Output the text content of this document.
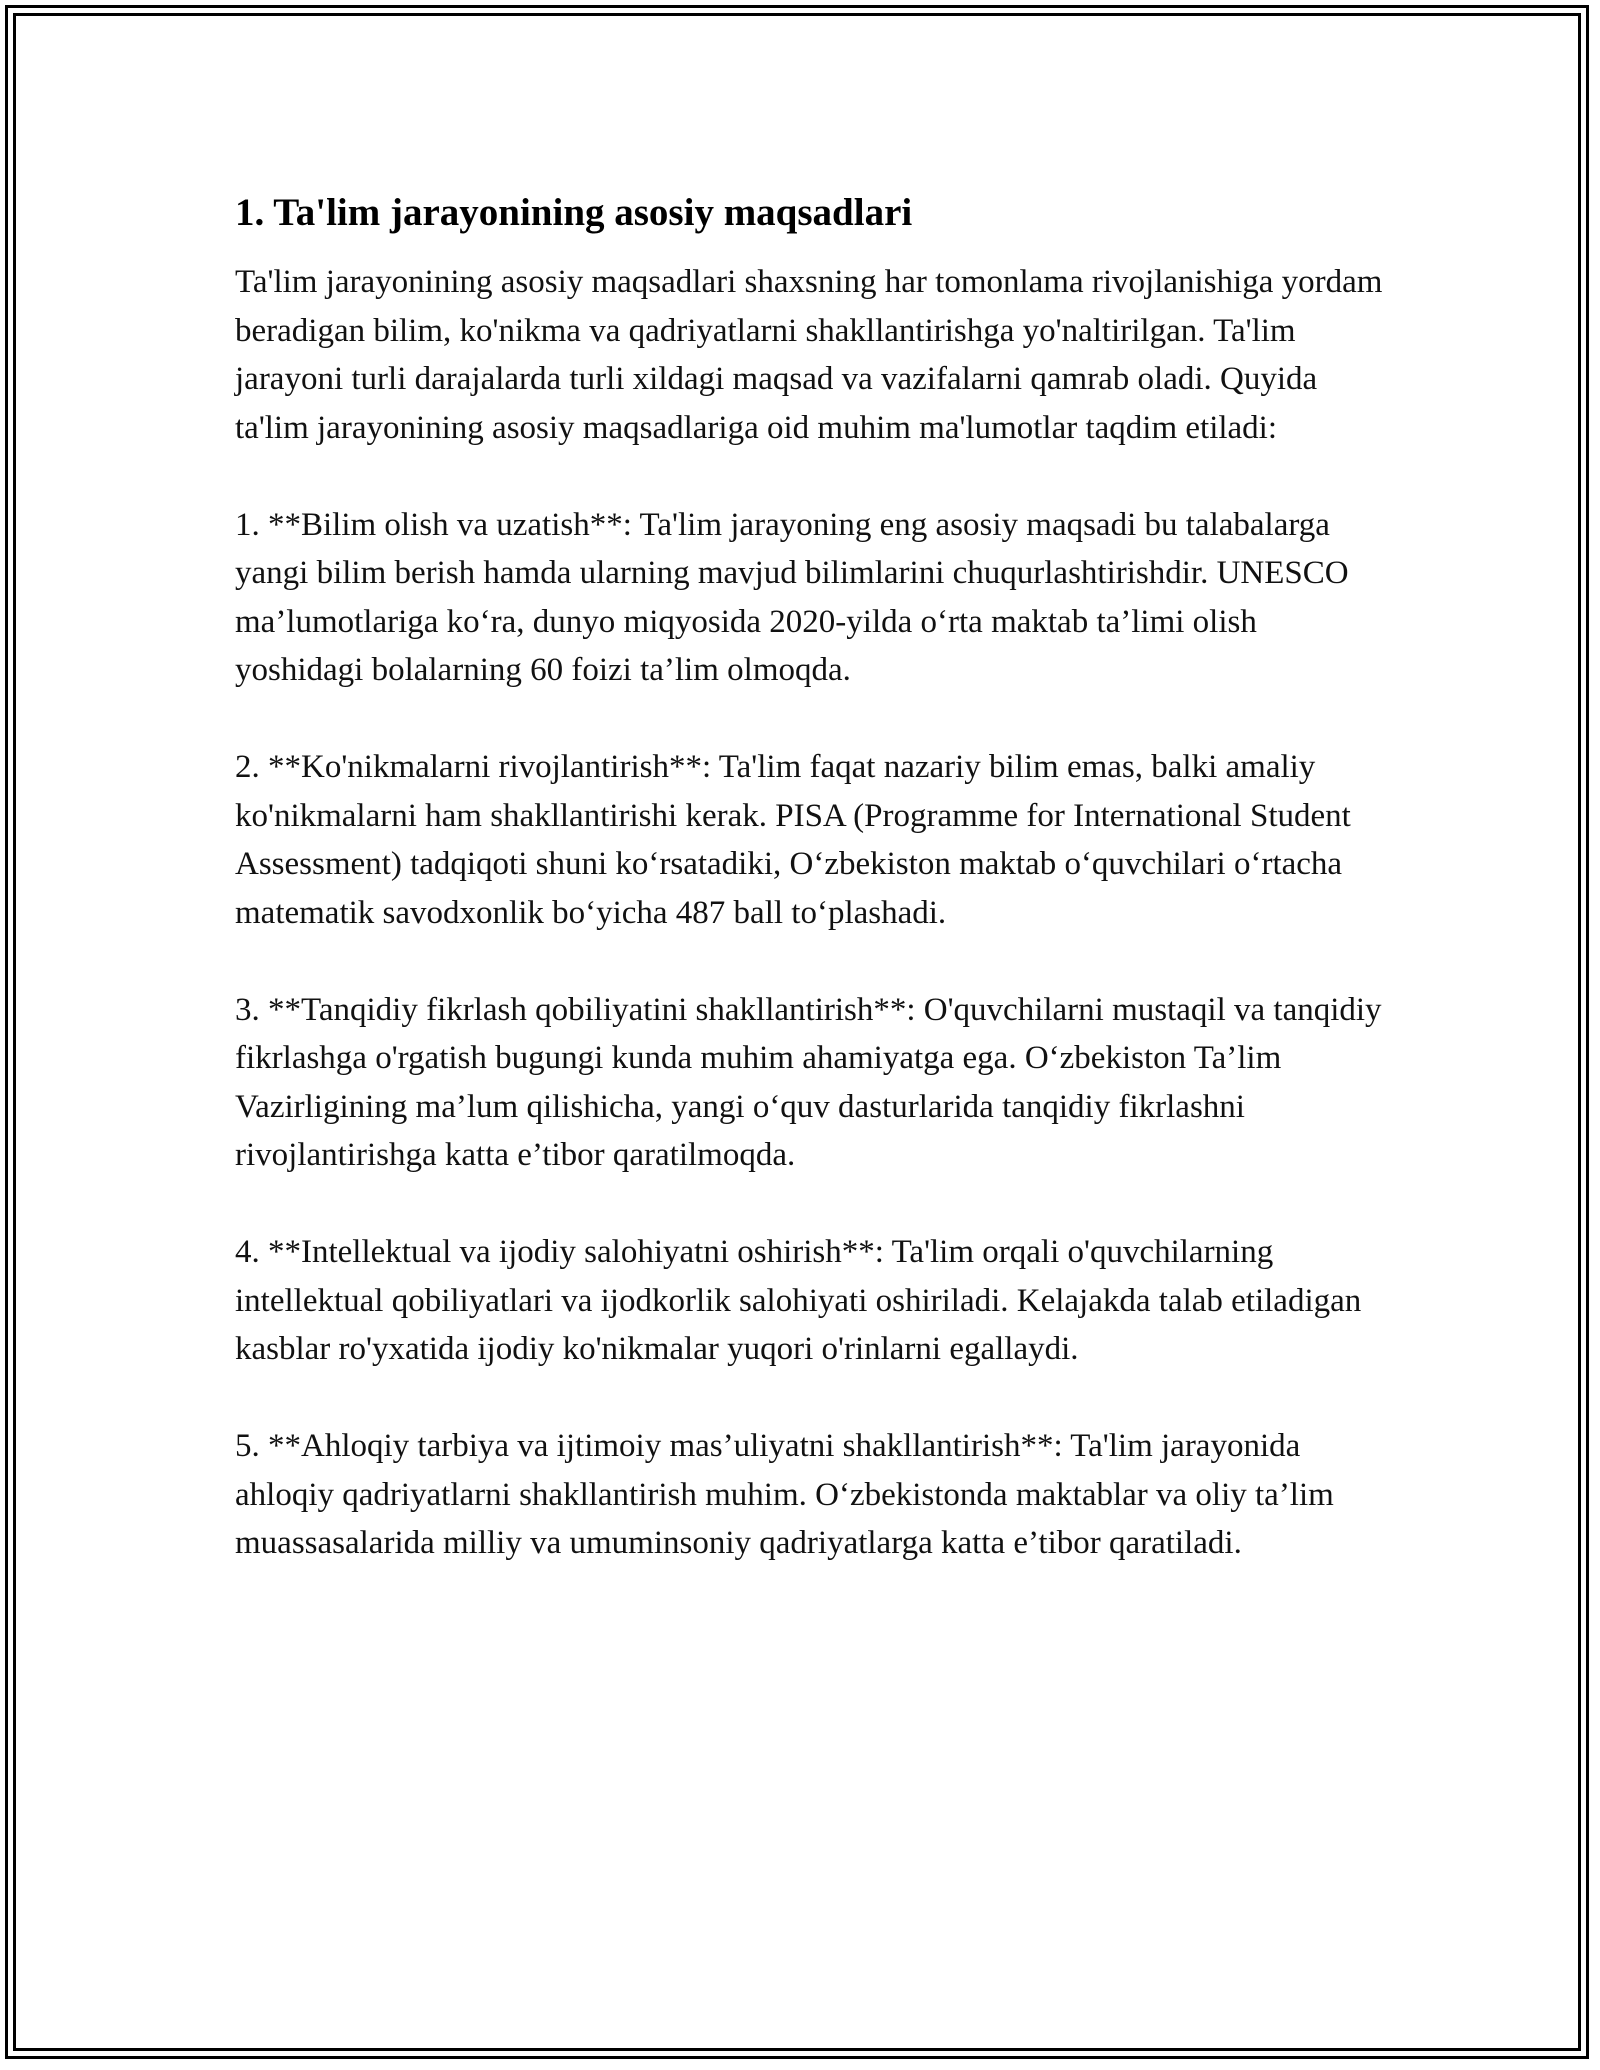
1. Ta'lim jarayonining asosiy maqsadlari

Ta'lim jarayonining asosiy maqsadlari shaxsning har tomonlama rivojlanishiga yordam beradigan bilim, ko'nikma va qadriyatlarni shakllantirishga yo'naltirilgan. Ta'lim jarayoni turli darajalarda turli xildagi maqsad va vazifalarni qamrab oladi. Quyida ta'lim jarayonining asosiy maqsadlariga oid muhim ma'lumotlar taqdim etiladi:

1. **Bilim olish va uzatish**: Ta'lim jarayoning eng asosiy maqsadi bu talabalarga yangi bilim berish hamda ularning mavjud bilimlarini chuqurlashtirishdir. UNESCO ma’lumotlariga ko‘ra, dunyo miqyosida 2020-yilda o‘rta maktab ta’limi olish yoshidagi bolalarning 60 foizi ta’lim olmoqda.

2. **Ko'nikmalarni rivojlantirish**: Ta'lim faqat nazariy bilim emas, balki amaliy ko'nikmalarni ham shakllantirishi kerak. PISA (Programme for International Student Assessment) tadqiqoti shuni ko‘rsatadiki, O‘zbekiston maktab o‘quvchilari o‘rtacha matematik savodxonlik bo‘yicha 487 ball to‘plashadi.

3. **Tanqidiy fikrlash qobiliyatini shakllantirish**: O'quvchilarni mustaqil va tanqidiy fikrlashga o'rgatish bugungi kunda muhim ahamiyatga ega. O‘zbekiston Ta’lim Vazirligining ma’lum qilishicha, yangi o‘quv dasturlarida tanqidiy fikrlashni rivojlantirishga katta e’tibor qaratilmoqda.

4. **Intellektual va ijodiy salohiyatni oshirish**: Ta'lim orqali o'quvchilarning intellektual qobiliyatlari va ijodkorlik salohiyati oshiriladi. Kelajakda talab etiladigan kasblar ro'yxatida ijodiy ko'nikmalar yuqori o'rinlarni egallaydi.

5. **Ahloqiy tarbiya va ijtimoiy mas’uliyatni shakllantirish**: Ta'lim jarayonida ahloqiy qadriyatlarni shakllantirish muhim. O‘zbekistonda maktablar va oliy ta’lim muassasalarida milliy va umuminsoniy qadriyatlarga katta e’tibor qaratiladi.
